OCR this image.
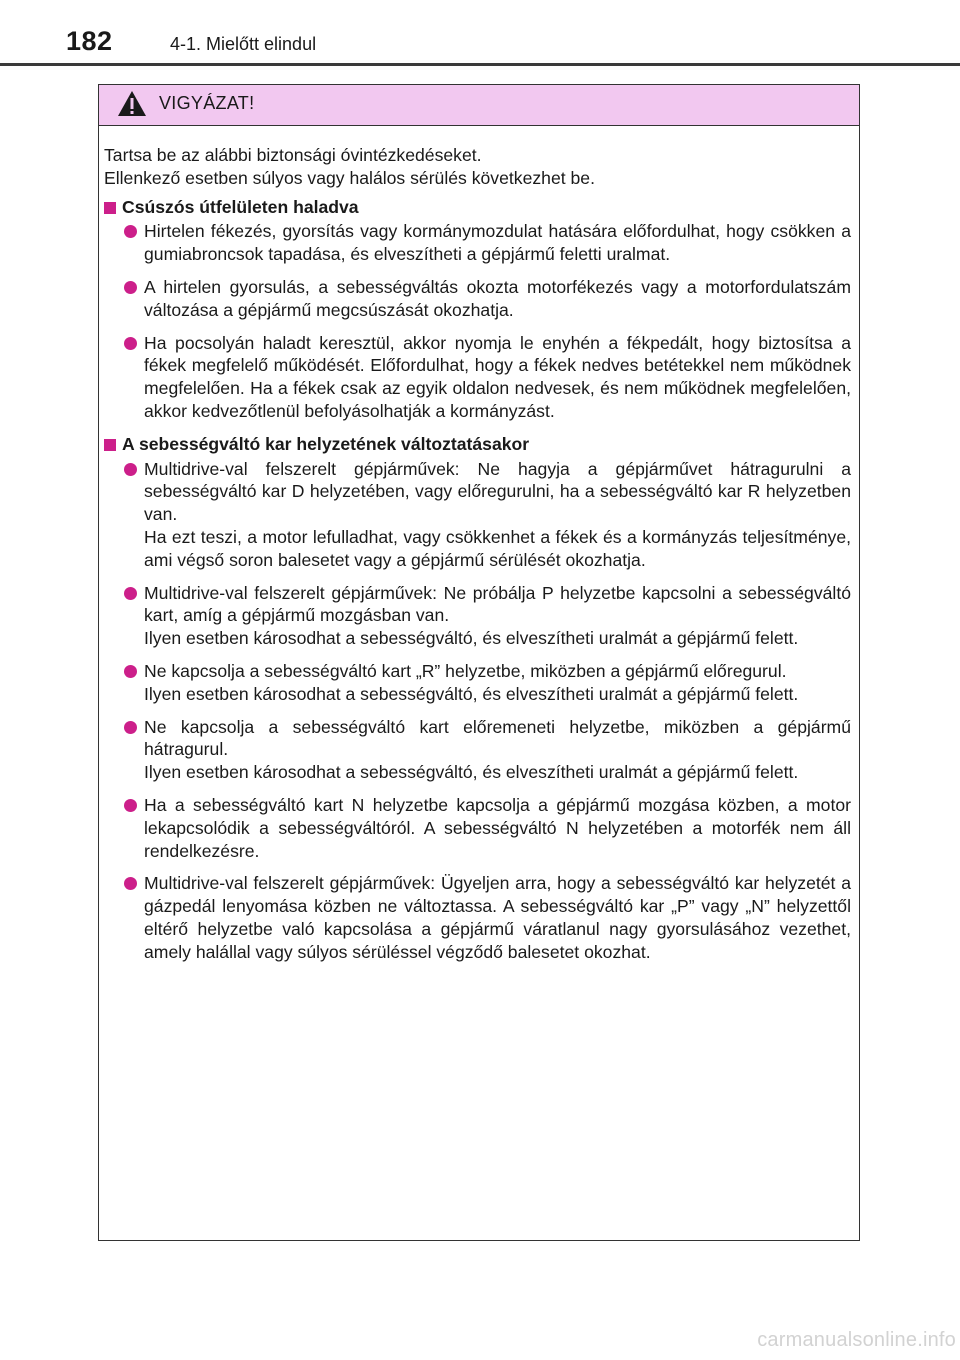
182	4-1. Mielőtt elindul
VIGYÁZAT!

Tartsa be az alábbi biztonsági óvintézkedéseket.
Ellenkező esetben súlyos vagy halálos sérülés következhet be.

Csúszós útfelületen haladva

Hirtelen fékezés, gyorsítás vagy kormánymozdulat hatására előfordulhat, hogy csökken a gumiabroncsok tapadása, és elveszítheti a gépjármű feletti uralmat.

A hirtelen gyorsulás, a sebességváltás okozta motorfékezés vagy a motorfordulatszám változása a gépjármű megcsúszását okozhatja.

Ha pocsolyán haladt keresztül, akkor nyomja le enyhén a fékpedált, hogy biztosítsa a fékek megfelelő működését. Előfordulhat, hogy a fékek nedves betétekkel nem működnek megfelelően. Ha a fékek csak az egyik oldalon nedvesek, és nem működnek megfelelően, akkor kedvezőtlenül befolyásolhatják a kormányzást.

A sebességváltó kar helyzetének változtatásakor

Multidrive-val felszerelt gépjárművek: Ne hagyja a gépjárművet hátragurulni a sebességváltó kar D helyzetében, vagy előregurulni, ha a sebességváltó kar R helyzetben van.

Ha ezt teszi, a motor lefulladhat, vagy csökkenhet a fékek és a kormányzás teljesítménye, ami végső soron balesetet vagy a gépjármű sérülését okozhatja.

Multidrive-val felszerelt gépjárművek: Ne próbálja P helyzetbe kapcsolni a sebességváltó kart, amíg a gépjármű mozgásban van.

Ilyen esetben károsodhat a sebességváltó, és elveszítheti uralmát a gépjármű felett.

Ne kapcsolja a sebességváltó kart „R” helyzetbe, miközben a gépjármű előregurul.

Ilyen esetben károsodhat a sebességváltó, és elveszítheti uralmát a gépjármű felett.

Ne kapcsolja a sebességváltó kart előremeneti helyzetbe, miközben a gépjármű hátragurul.

Ilyen esetben károsodhat a sebességváltó, és elveszítheti uralmát a gépjármű felett.

Ha a sebességváltó kart N helyzetbe kapcsolja a gépjármű mozgása közben, a motor lekapcsolódik a sebességváltóról. A sebességváltó N helyzetében a motorfék nem áll rendelkezésre.

Multidrive-val felszerelt gépjárművek: Ügyeljen arra, hogy a sebességváltó kar helyzetét a gázpedál lenyomása közben ne változtassa. A sebességváltó kar „P” vagy „N” helyzettől eltérő helyzetbe való kapcsolása a gépjármű váratlanul nagy gyorsulásához vezethet, amely halállal vagy súlyos sérüléssel végződő balesetet okozhat.

carmanualsonline.info
